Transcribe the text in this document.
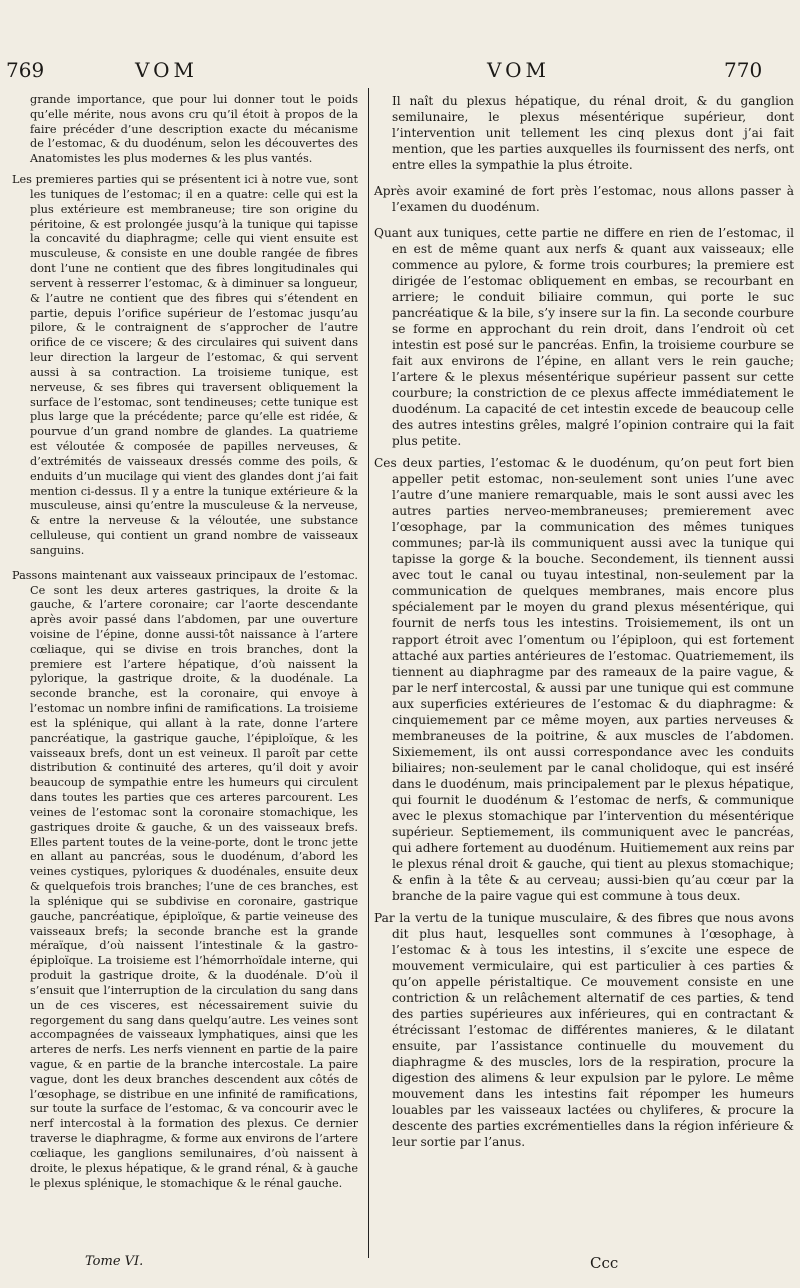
769	VOM	VOM	770

grande importance, que pour lui donner tout le poids qu’elle mérite, nous avons cru qu’il étoit à propos de la faire précéder d’une description exacte du mécanisme de l’estomac, & du duodénum, selon les découvertes des Anatomistes les plus modernes & les plus vantés.

Les premieres parties qui se présentent ici à notre vue, sont les tuniques de l’estomac; il en a quatre: celle qui est la plus extérieure est membraneuse; tire son origine du péritoine, & est prolongée jusqu’à la tunique qui tapisse la concavité du diaphragme; celle qui vient ensuite est musculeuse, & consiste en une double rangée de fibres dont l’une ne contient que des fibres longitudinales qui servent à resserrer l’estomac, & à diminuer sa longueur, & l’autre ne contient que des fibres qui s’étendent en partie, depuis l’orifice supérieur de l’estomac jusqu’au pilore, & le contraignent de s’approcher de l’autre orifice de ce viscere; & des circulaires qui suivent dans leur direction la largeur de l’estomac, & qui servent aussi à sa contraction. La troisieme tunique, est nerveuse, & ses fibres qui traversent obliquement la surface de l’estomac, sont tendineuses; cette tunique est plus large que la précédente; parce qu’elle est ridée, & pourvue d’un grand nombre de glandes. La quatrieme est véloutée & composée de papilles nerveuses, & d’extrémités de vaisseaux dressés comme des poils, & enduits d’un mucilage qui vient des glandes dont j’ai fait mention ci-dessus. Il y a entre la tunique extérieure & la musculeuse, ainsi qu’entre la musculeuse & la nerveuse, & entre la nerveuse & la véloutée, une substance celluleuse, qui contient un grand nombre de vaisseaux sanguins.

Passons maintenant aux vaisseaux principaux de l’estomac. Ce sont les deux arteres gastriques, la droite & la gauche, & l’artere coronaire; car l’aorte descendante après avoir passé dans l’abdomen, par une ouverture voisine de l’épine, donne aussi-tôt naissance à l’artere cœliaque, qui se divise en trois branches, dont la premiere est l’artere hépatique, d’où naissent la pylorique, la gastrique droite, & la duodénale. La seconde branche, est la coronaire, qui envoye à l’estomac un nombre infini de ramifications. La troisieme est la splénique, qui allant à la rate, donne l’artere pancréatique, la gastrique gauche, l’épiploïque, & les vaisseaux brefs, dont un est veineux. Il paroît par cette distribution & continuité des arteres, qu’il doit y avoir beaucoup de sympathie entre les humeurs qui circulent dans toutes les parties que ces arteres parcourent. Les veines de l’estomac sont la coronaire stomachique, les gastriques droite & gauche, & un des vaisseaux brefs. Elles partent toutes de la veine-porte, dont le tronc jette en allant au pancréas, sous le duodénum, d’abord les veines cystiques, pyloriques & duodénales, ensuite deux & quelquefois trois branches; l’une de ces branches, est la splénique qui se subdivise en coronaire, gastrique gauche, pancréatique, épiploïque, & partie veineuse des vaisseaux brefs; la seconde branche est la grande méraïque, d’où naissent l’intestinale & la gastro-épiploïque. La troisieme est l’hémorrhoïdale interne, qui produit la gastrique droite, & la duodénale. D’où il s’ensuit que l’interruption de la circulation du sang dans un de ces visceres, est nécessairement suivie du regorgement du sang dans quelqu’autre. Les veines sont accompagnées de vaisseaux lymphatiques, ainsi que les arteres de nerfs. Les nerfs viennent en partie de la paire vague, & en partie de la branche intercostale. La paire vague, dont les deux branches descendent aux côtés de l’œsophage, se distribue en une infinité de ramifications, sur toute la surface de l’estomac, & va concourir avec le nerf intercostal à la formation des plexus. Ce dernier traverse le diaphragme, & forme aux environs de l’artere cœliaque, les ganglions semilunaires, d’où naissent à droite, le plexus hépatique, & le grand rénal, & à gauche le plexus splénique, le stomachique & le rénal gauche.

Il naît du plexus hépatique, du rénal droit, & du ganglion semilunaire, le plexus mésentérique supérieur, dont l’intervention unit tellement les cinq plexus dont j’ai fait mention, que les parties auxquelles ils fournissent des nerfs, ont entre elles la sympathie la plus étroite.

Après avoir examiné de fort près l’estomac, nous allons passer à l’examen du duodénum.

Quant aux tuniques, cette partie ne differe en rien de l’estomac, il en est de même quant aux nerfs & quant aux vaisseaux; elle commence au pylore, & forme trois courbures; la premiere est dirigée de l’estomac obliquement en embas, se recourbant en arriere; le conduit biliaire commun, qui porte le suc pancréatique & la bile, s’y insere sur la fin. La seconde courbure se forme en approchant du rein droit, dans l’endroit où cet intestin est posé sur le pancréas. Enfin, la troisieme courbure se fait aux environs de l’épine, en allant vers le rein gauche; l’artere & le plexus mésentérique supérieur passent sur cette courbure; la constriction de ce plexus affecte immédiatement le duodénum. La capacité de cet intestin excede de beaucoup celle des autres intestins grêles, malgré l’opinion contraire qui la fait plus petite.

Ces deux parties, l’estomac & le duodénum, qu’on peut fort bien appeller petit estomac, non-seulement sont unies l’une avec l’autre d’une maniere remarquable, mais le sont aussi avec les autres parties nerveo-membraneuses; premierement avec l’œsophage, par la communication des mêmes tuniques communes; par-là ils communiquent aussi avec la tunique qui tapisse la gorge & la bouche. Secondement, ils tiennent aussi avec tout le canal ou tuyau intestinal, non-seulement par la communication de quelques membranes, mais encore plus spécialement par le moyen du grand plexus mésentérique, qui fournit de nerfs tous les intestins. Troisiemement, ils ont un rapport étroit avec l’omentum ou l’épiploon, qui est fortement attaché aux parties antérieures de l’estomac. Quatriemement, ils tiennent au diaphragme par des rameaux de la paire vague, & par le nerf intercostal, & aussi par une tunique qui est commune aux superficies extérieures de l’estomac & du diaphragme: & cinquiemement par ce même moyen, aux parties nerveuses & membraneuses de la poitrine, & aux muscles de l’abdomen. Sixiemement, ils ont aussi correspondance avec les conduits biliaires; non-seulement par le canal cholidoque, qui est inséré dans le duodénum, mais principalement par le plexus hépatique, qui fournit le duodénum & l’estomac de nerfs, & communique avec le plexus stomachique par l’intervention du mésentérique supérieur. Septiemement, ils communiquent avec le pancréas, qui adhere fortement au duodénum. Huitiemement aux reins par le plexus rénal droit & gauche, qui tient au plexus stomachique; & enfin à la tête & au cerveau; aussi-bien qu’au cœur par la branche de la paire vague qui est commune à tous deux.

Par la vertu de la tunique musculaire, & des fibres que nous avons dit plus haut, lesquelles sont communes à l’œsophage, à l’estomac & à tous les intestins, il s’excite une espece de mouvement vermiculaire, qui est particulier à ces parties & qu’on appelle péristaltique. Ce mouvement consiste en une contriction & un relâchement alternatif de ces parties, & tend des parties supérieures aux inférieures, qui en contractant & étrécissant l’estomac de différentes manieres, & le dilatant ensuite, par l’assistance continuelle du mouvement du diaphragme & des muscles, lors de la respiration, procure la digestion des alimens & leur expulsion par le pylore. Le même mouvement dans les intestins fait répomper les humeurs louables par les vaisseaux lactées ou chyliferes, & procure la descente des parties excrémentielles dans la région inférieure & leur sortie par l’anus.

Tome VI.	Ccc
